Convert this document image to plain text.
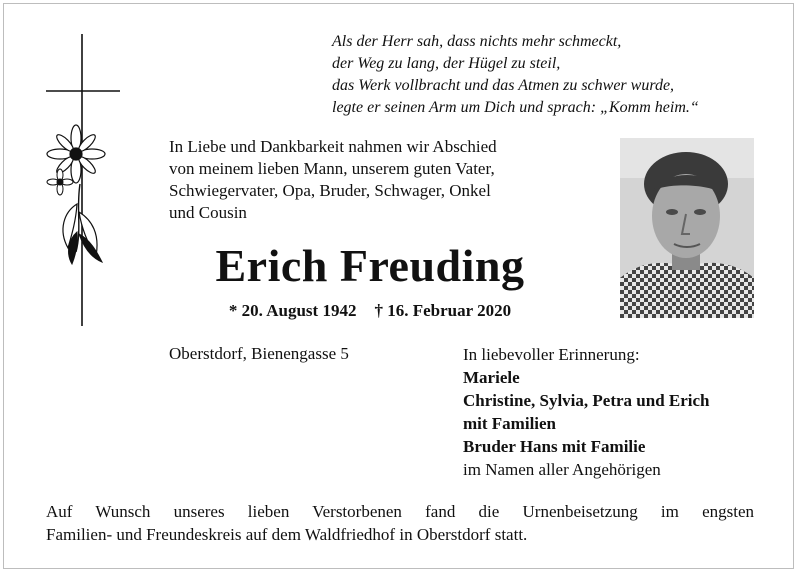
Als der Herr sah, dass nichts mehr schmeckt,
der Weg zu lang, der Hügel zu steil,
das Werk vollbracht und das Atmen zu schwer wurde,
legte er seinen Arm um Dich und sprach: „Komm heim.“
In Liebe und Dankbarkeit nahmen wir Abschied
von meinem lieben Mann, unserem guten Vater,
Schwiegervater, Opa, Bruder, Schwager, Onkel
und Cousin
Erich Freuding
* 20. August 1942 † 16. Februar 2020
Oberstdorf, Bienengasse 5	In liebevoller Erinnerung:
Mariele
Christine, Sylvia, Petra und Erich
mit Familien
Bruder Hans mit Familie
im Namen aller Angehörigen
Auf Wunsch unseres lieben Verstorbenen fand die Urnenbeisetzung im engsten
Familien- und Freundeskreis auf dem Waldfriedhof in Oberstdorf statt.
